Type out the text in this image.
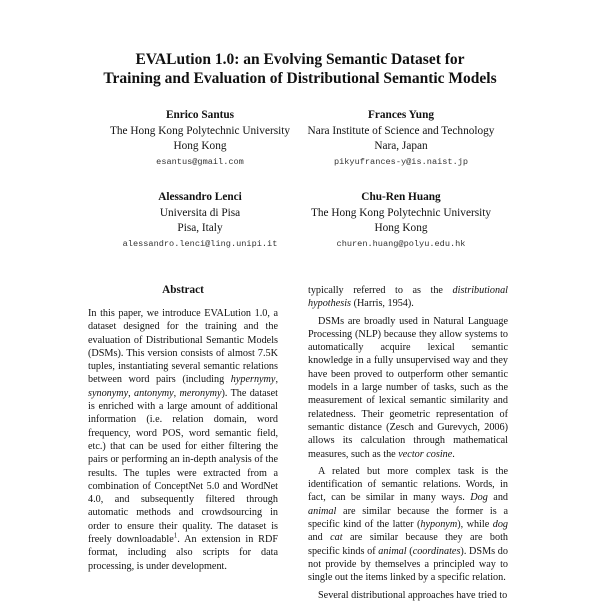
EVALution 1.0: an Evolving Semantic Dataset for
Training and Evaluation of Distributional Semantic Models
Enrico Santus
The Hong Kong Polytechnic University
Hong Kong
esantus@gmail.com
Frances Yung
Nara Institute of Science and Technology
Nara, Japan
pikyufrances-y@is.naist.jp
Alessandro Lenci
Universita di Pisa
Pisa, Italy
alessandro.lenci@ling.unipi.it
Chu-Ren Huang
The Hong Kong Polytechnic University
Hong Kong
churen.huang@polyu.edu.hk
Abstract

In this paper, we introduce EVALution 1.0, a dataset designed for the training and the evaluation of Distributional Semantic Models (DSMs). This version consists of almost 7.5K tuples, instantiating several semantic relations between word pairs (including hypernymy, synonymy, antonymy, meronymy). The dataset is enriched with a large amount of additional information (i.e. relation domain, word frequency, word POS, word semantic field, etc.) that can be used for either filtering the pairs or performing an in-depth analysis of the results. The tuples were extracted from a combination of ConceptNet 5.0 and WordNet 4.0, and subsequently filtered through automatic methods and crowdsourcing in order to ensure their quality. The dataset is freely downloadable$^1$. An extension in RDF format, including also scripts for data processing, is under development.

typically referred to as the distributional hypothesis (Harris, 1954).

DSMs are broadly used in Natural Language Processing (NLP) because they allow systems to automatically acquire lexical semantic knowledge in a fully unsupervised way and they have been proved to outperform other semantic models in a large number of tasks, such as the measurement of lexical semantic similarity and relatedness. Their geometric representation of semantic distance (Zesch and Gurevych, 2006) allows its calculation through mathematical measures, such as the vector cosine.

A related but more complex task is the identification of semantic relations. Words, in fact, can be similar in many ways. Dog and animal are similar because the former is a specific kind of the latter (hyponym), while dog and cat are similar because they are both specific kinds of animal (coordinates). DSMs do not provide by themselves a principled way to single out the items linked by a specific relation.

Several distributional approaches have tried to
